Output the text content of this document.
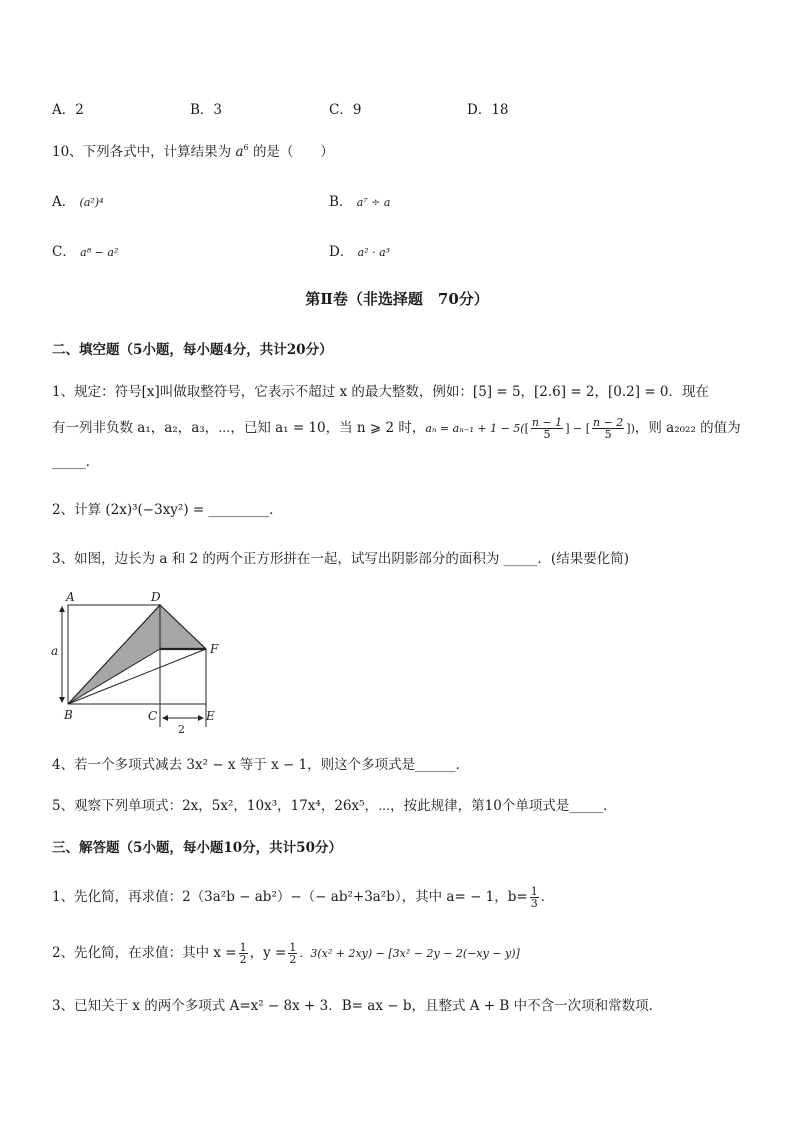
A．2	B．3	C．9	D．18
10、下列各式中，计算结果为 $a^6$ 的是（　　）
A． (a²)⁴	B． a⁷ ÷ a
C． a⁸ − a²	D． a² · a³
第Ⅱ卷（非选择题　70分）
二、填空题（5小题，每小题4分，共计20分）
1、规定：符号[x]叫做取整符号，它表示不超过 x 的最大整数，例如：[5] = 5，[2.6] = 2，[0.2] = 0．现在
有一列非负数 a₁，a₂，a₃，⋯，已知 a₁ = 10，当 n ⩾ 2 时，$a_n = a_{n-1} + 1 - 5([ \frac{n - 1}{5}$ ] − [ $\frac{n - 2}{5}$ ])，则 a₂₀₂₂ 的值为
_____．
2、计算 (2x)³(−3xy²) = _________．
3、如图，边长为 a 和 2 的两个正方形拼在一起，试写出阴影部分的面积为 _____．(结果要化简)
A	D
F
B	C	E
a
2
4、若一个多项式减去 3x² − x 等于 x − 1，则这个多项式是______．
5、观察下列单项式：2x，5x²，10x³，17x⁴，26x⁵，⋯，按此规律，第10个单项式是_____．
三、解答题（5小题，每小题10分，共计50分）
1、先化简，再求值：2（3a²b − ab²）−（− ab²+3a²b），其中 a= − 1，$b= \frac{1}{3}$ ．
2、先化简，在求值：其中 $x = \frac{1}{2}$ ，$y = \frac{1}{2}$ ．3(x² + 2xy) − [3x² − 2y − 2(−xy − y)]
3、已知关于 x 的两个多项式 A=x² − 8x + 3．B= ax − b，且整式 A + B 中不含一次项和常数项．
